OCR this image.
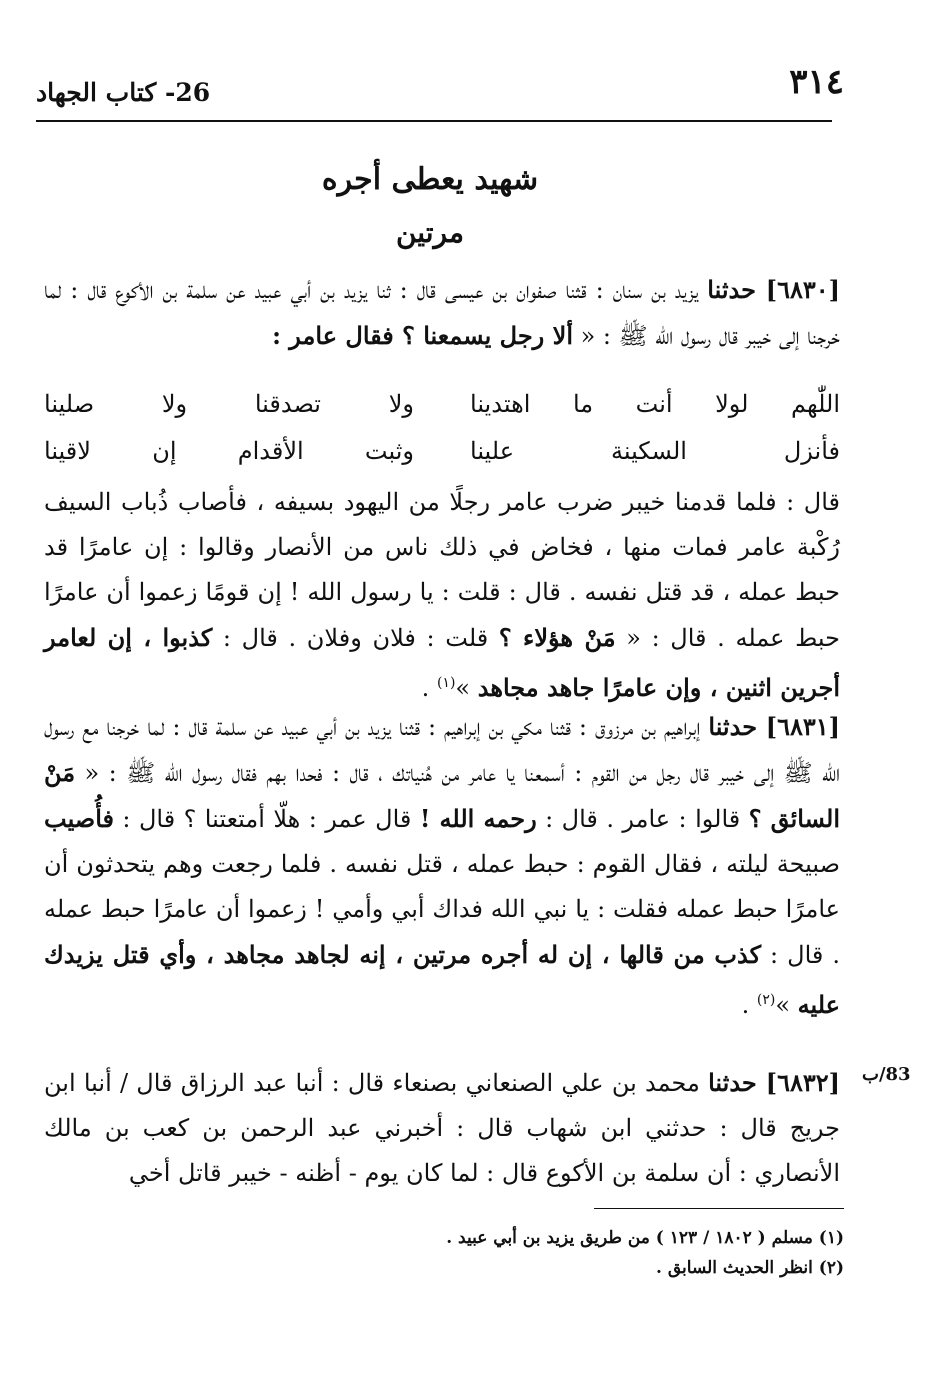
٣١٤
26- كتاب الجهاد
شهيد يعطى أجره
مرتين
[٦٨٣٠] حدثنا يزيد بن سنان : قثنا صفوان بن عيسى قال : ثنا يزيد بن أبي عبيد عن سلمة بن الأكوع قال : لما خرجنا إلى خيبر قال رسول الله ﷺ : « ألا رجل يسمعنا ؟ فقال عامر :
اللّٰهم لولا أنت ما اهتدينا
ولا تصدقنا ولا صلينا
فأنزل السكينة علينا
وثبت الأقدام إن لاقينا
قال : فلما قدمنا خيبر ضرب عامر رجلًا من اليهود بسيفه ، فأصاب ذُباب السيف رُكْبة عامر فمات منها ، فخاض في ذلك ناس من الأنصار وقالوا : إن عامرًا قد حبط عمله ، قد قتل نفسه . قال : قلت : يا رسول الله ! إن قومًا زعموا أن عامرًا حبط عمله . قال : « مَنْ هؤلاء ؟ قلت : فلان وفلان . قال : كذبوا ، إن لعامر أجرين اثنين ، وإن عامرًا جاهد مجاهد »$^{(١)}$ .
[٦٨٣١] حدثنا إبراهيم بن مرزوق : قثنا مكي بن إبراهيم : قثنا يزيد بن أبي عبيد عن سلمة قال : لما خرجنا مع رسول الله ﷺ إلى خيبر قال رجل من القوم : أسمعنا يا عامر من هُنياتك ، قال : فحدا بهم فقال رسول الله ﷺ : « مَنْ السائق ؟ قالوا : عامر . قال : رحمه الله ! قال عمر : هلّا أمتعتنا ؟ قال : فأُصيب صبيحة ليلته ، فقال القوم : حبط عمله ، قتل نفسه . فلما رجعت وهم يتحدثون أن عامرًا حبط عمله فقلت : يا نبي الله فداك أبي وأمي ! زعموا أن عامرًا حبط عمله . قال : كذب من قالها ، إن له أجره مرتين ، إنه لجاهد مجاهد ، وأي قتل يزيدك عليه »$^{(٢)}$ .
83/ب
[٦٨٣٢] حدثنا محمد بن علي الصنعاني بصنعاء قال : أنبا عبد الرزاق قال / أنبا ابن جريج قال : حدثني ابن شهاب قال : أخبرني عبد الرحمن بن كعب بن مالك الأنصاري : أن سلمة بن الأكوع قال : لما كان يوم - أظنه - خيبر قاتل أخي
(١) مسلم ( ١٨٠٢ / ١٢٣ ) من طريق يزيد بن أبي عبيد .
(٢) انظر الحديث السابق .
